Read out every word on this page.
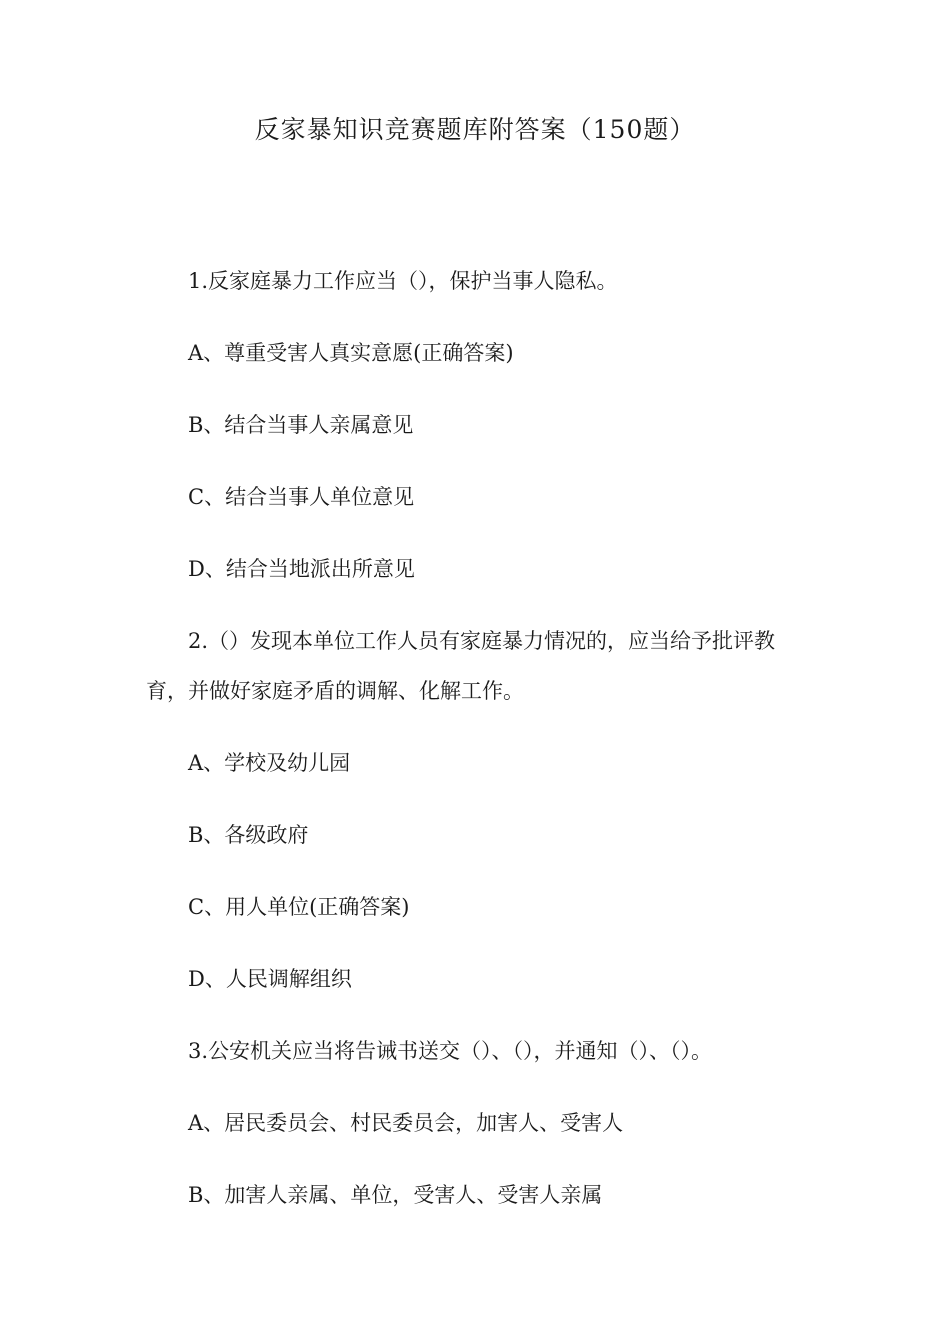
反家暴知识竞赛题库附答案（150题）

1.反家庭暴力工作应当（），保护当事人隐私。

A、尊重受害人真实意愿(正确答案)

B、结合当事人亲属意见

C、结合当事人单位意见

D、结合当地派出所意见

2.（）发现本单位工作人员有家庭暴力情况的，应当给予批评教

育，并做好家庭矛盾的调解、化解工作。

A、学校及幼儿园

B、各级政府

C、用人单位(正确答案)

D、人民调解组织

3.公安机关应当将告诫书送交（）、（），并通知（）、（）。

A、居民委员会、村民委员会，加害人、受害人

B、加害人亲属、单位，受害人、受害人亲属
